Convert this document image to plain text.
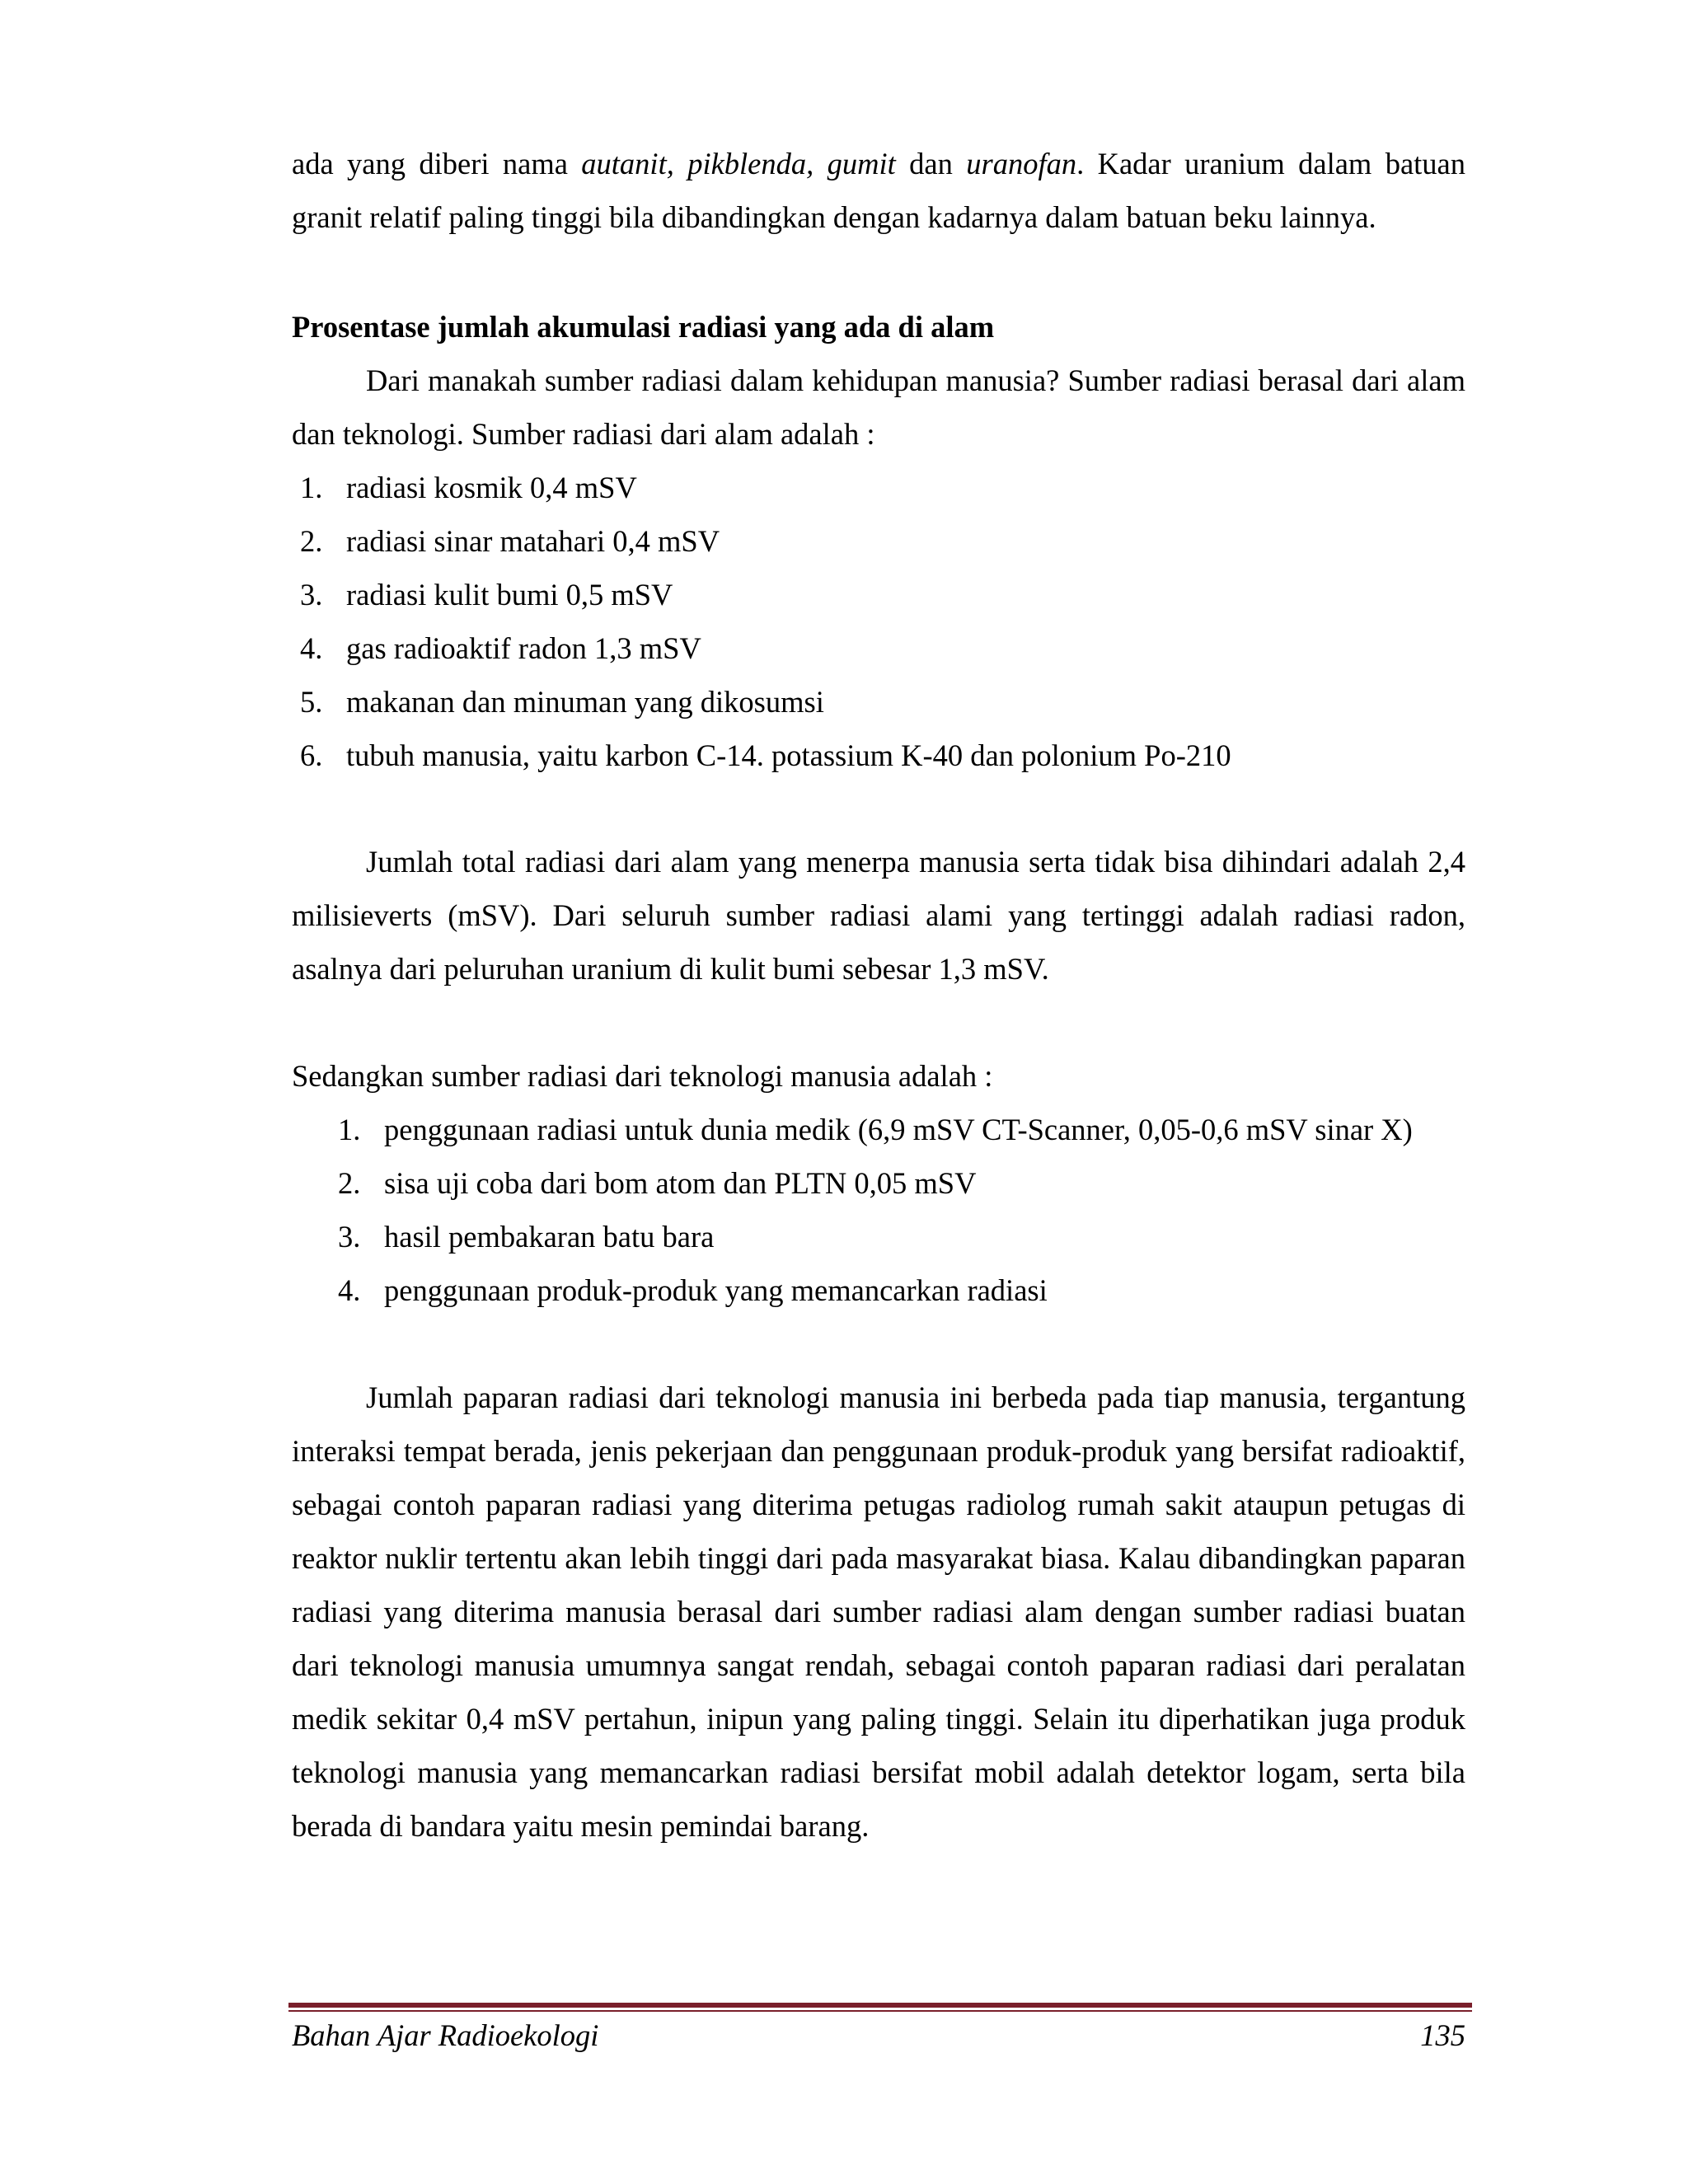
ada yang diberi nama autanit, pikblenda, gumit dan uranofan. Kadar uranium dalam batuan granit relatif paling tinggi bila dibandingkan dengan kadarnya dalam batuan beku lainnya.

Prosentase jumlah akumulasi radiasi yang ada di alam

Dari manakah sumber radiasi dalam kehidupan manusia? Sumber radiasi berasal dari alam dan teknologi. Sumber radiasi dari alam adalah :

1. radiasi kosmik 0,4 mSV
2. radiasi sinar matahari 0,4 mSV
3. radiasi kulit bumi 0,5 mSV
4. gas radioaktif radon 1,3 mSV
5. makanan dan minuman yang dikosumsi
6. tubuh manusia, yaitu karbon C-14. potassium K-40 dan polonium Po-210

Jumlah total radiasi dari alam yang menerpa manusia serta tidak bisa dihindari adalah 2,4 milisieverts (mSV). Dari seluruh sumber radiasi alami yang tertinggi adalah radiasi radon, asalnya dari peluruhan uranium di kulit bumi sebesar 1,3 mSV.

Sedangkan sumber radiasi dari teknologi manusia adalah :
1. penggunaan radiasi untuk dunia medik (6,9 mSV CT-Scanner, 0,05-0,6 mSV sinar X)
2. sisa uji coba dari bom atom dan PLTN 0,05 mSV
3. hasil pembakaran batu bara
4. penggunaan produk-produk yang memancarkan radiasi

Jumlah paparan radiasi dari teknologi manusia ini berbeda pada tiap manusia, tergantung interaksi tempat berada, jenis pekerjaan dan penggunaan produk-produk yang bersifat radioaktif, sebagai contoh paparan radiasi yang diterima petugas radiolog rumah sakit ataupun petugas di reaktor nuklir tertentu akan lebih tinggi dari pada masyarakat biasa. Kalau dibandingkan paparan radiasi yang diterima manusia berasal dari sumber radiasi alam dengan sumber radiasi buatan dari teknologi manusia umumnya sangat rendah, sebagai contoh paparan radiasi dari peralatan medik sekitar 0,4 mSV pertahun, inipun yang paling tinggi. Selain itu diperhatikan juga produk teknologi manusia yang memancarkan radiasi bersifat mobil adalah detektor logam, serta bila berada di bandara yaitu mesin pemindai barang.

Bahan Ajar Radioekologi	135
